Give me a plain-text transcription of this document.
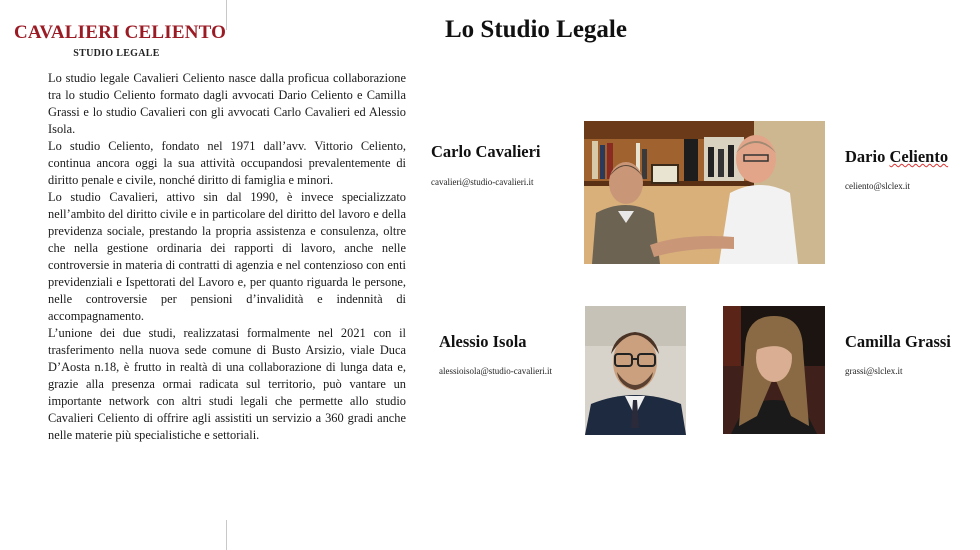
CAVALIERI CELIENTO
STUDIO LEGALE
Lo Studio Legale

Lo studio legale Cavalieri Celiento nasce dalla proficua collaborazione tra lo studio Celiento formato dagli avvocati Dario Celiento e Camilla Grassi e lo studio Cavalieri con gli avvocati Carlo Cavalieri ed Alessio Isola.

Lo studio Celiento, fondato nel 1971 dall’avv. Vittorio Celiento, continua ancora oggi la sua attività occupandosi prevalentemente di diritto penale e civile, nonché diritto di famiglia e minori.

Lo studio Cavalieri, attivo sin dal 1990, è invece specializzato nell’ambito del diritto civile e in particolare del diritto del lavoro e della previdenza sociale, prestando la propria assistenza e consulenza, oltre che nella gestione ordinaria dei rapporti di lavoro, anche nelle controversie in materia di contratti di agenzia e nel contenzioso con enti previdenziali e Ispettorati del Lavoro e, per quanto riguarda le persone, nelle controversie per pensioni d’invalidità e indennità di accompagnamento.

L’unione dei due studi, realizzatasi formalmente nel 2021 con il trasferimento nella nuova sede comune di Busto Arsizio, viale Duca D’Aosta n.18, è frutto in realtà di una collaborazione di lunga data e, grazie alla presenza ormai radicata sul territorio, può vantare un importante network con altri studi legali che permette allo studio Cavalieri Celiento di offrire agli assistiti un servizio a 360 gradi anche nelle materie più specialistiche e settoriali.

Carlo Cavalieri
cavalieri@studio-cavalieri.it
Dario Celiento
celiento@slclex.it
Alessio Isola
alessioisola@studio-cavalieri.it
Camilla Grassi
grassi@slclex.it
